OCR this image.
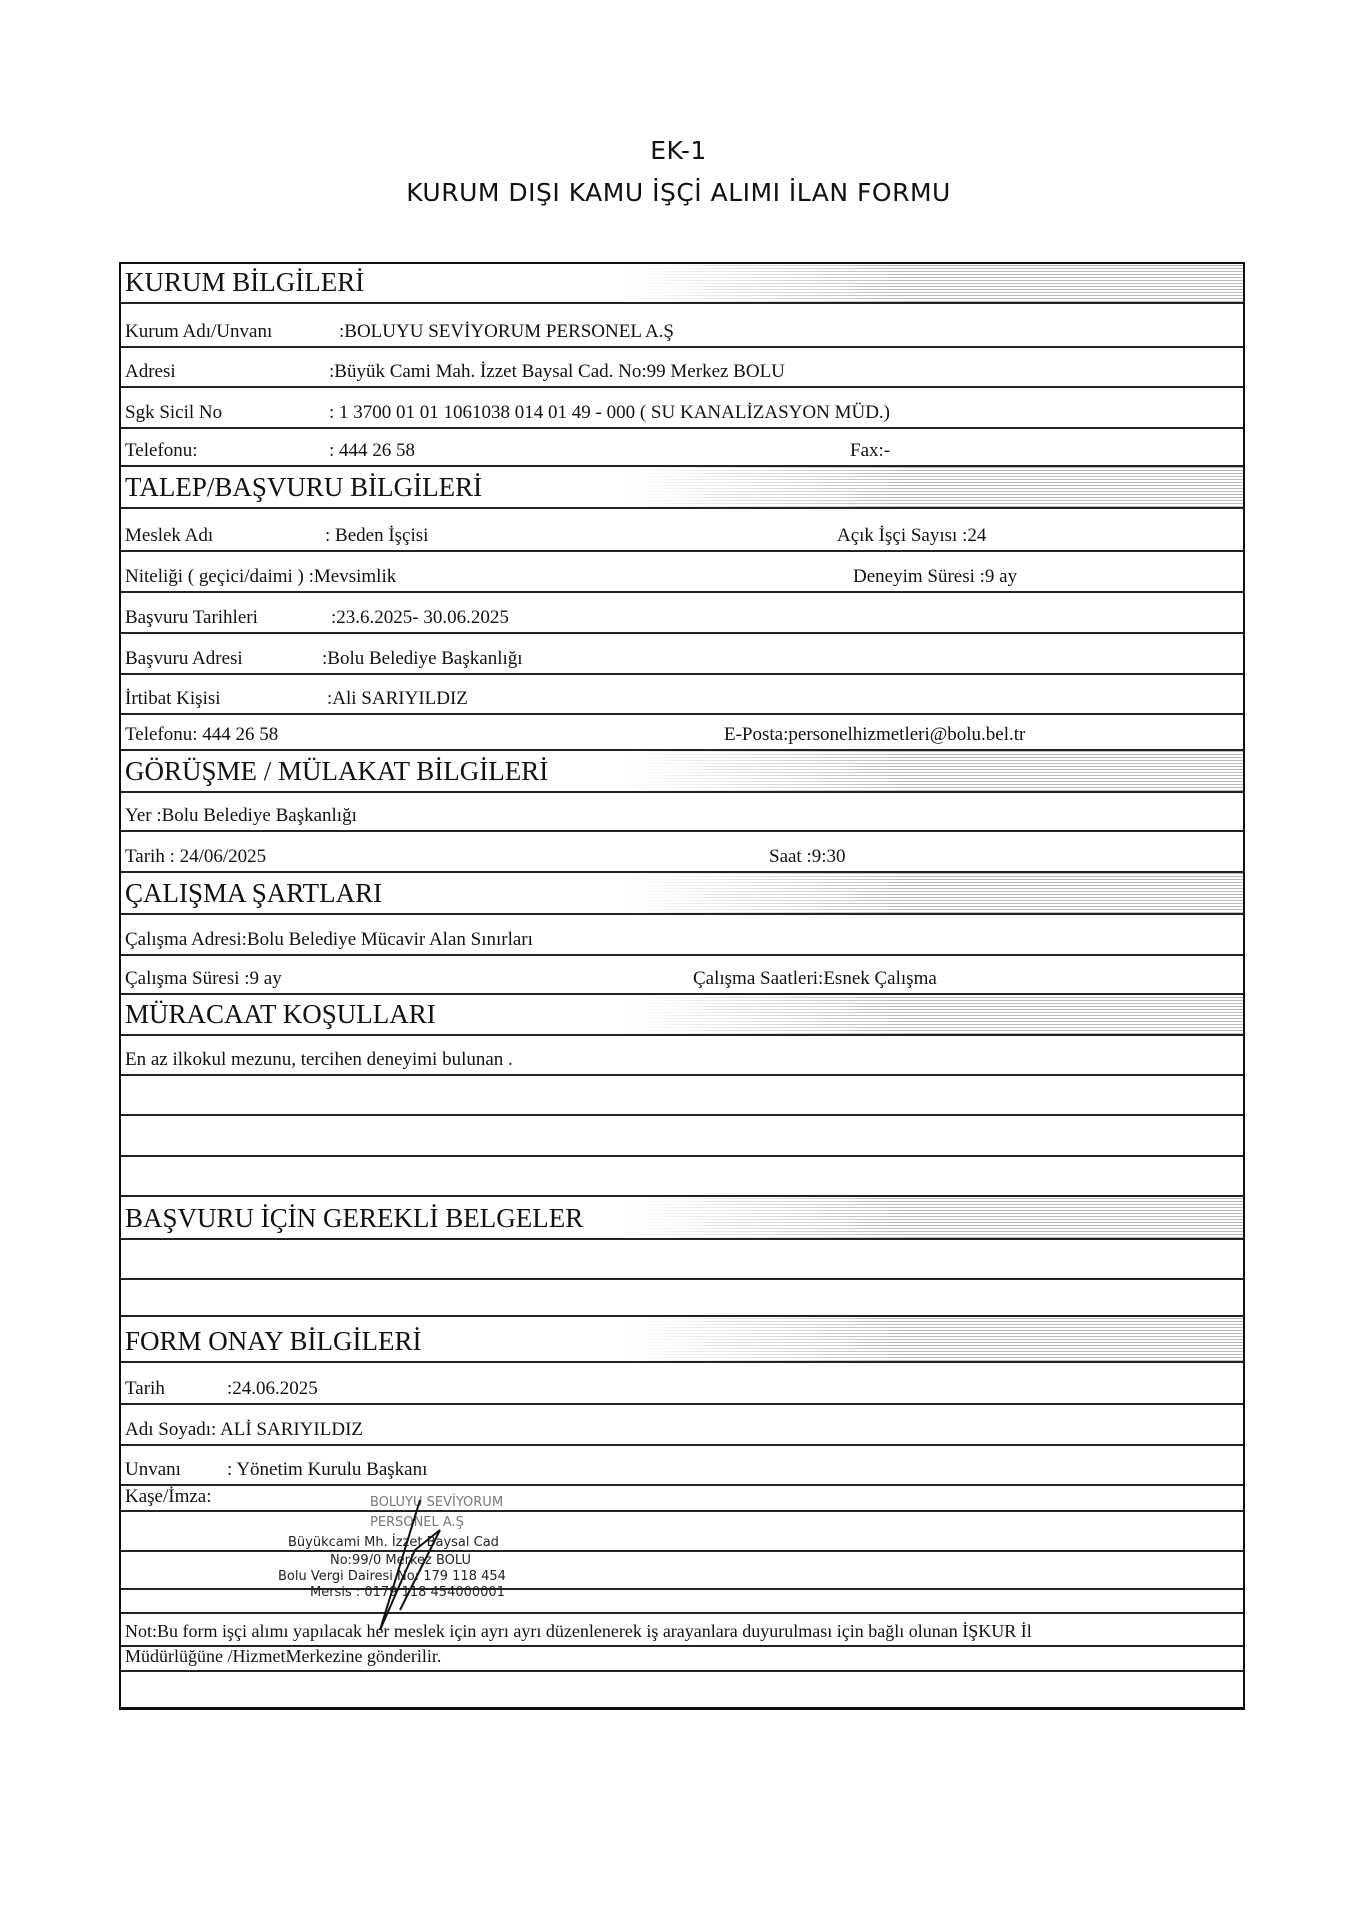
EK-1
KURUM DIŞI KAMU İŞÇİ ALIMI İLAN FORMU
KURUM BİLGİLERİ
Kurum Adı/Unvanı	:BOLUYU SEVİYORUM PERSONEL A.Ş
Adresi	:Büyük Cami Mah. İzzet Baysal Cad. No:99 Merkez BOLU
Sgk Sicil No	: 1 3700 01 01 1061038 014 01 49 - 000 ( SU KANALİZASYON MÜD.)
Telefonu:	: 444 26 58	Fax:-
TALEP/BAŞVURU BİLGİLERİ
Meslek Adı	: Beden İşçisi	Açık İşçi Sayısı :24
Niteliği ( geçici/daimi ) :Mevsimlik	Deneyim Süresi :9 ay
Başvuru Tarihleri	:23.6.2025- 30.06.2025
Başvuru Adresi	:Bolu Belediye Başkanlığı
İrtibat Kişisi	:Ali SARIYILDIZ
Telefonu: 444 26 58	E-Posta:personelhizmetleri@bolu.bel.tr
GÖRÜŞME / MÜLAKAT BİLGİLERİ
Yer :Bolu Belediye Başkanlığı
Tarih : 24/06/2025	Saat :9:30
ÇALIŞMA ŞARTLARI
Çalışma Adresi:Bolu Belediye Mücavir Alan Sınırları
Çalışma Süresi :9 ay	Çalışma Saatleri:Esnek Çalışma
MÜRACAAT KOŞULLARI
En az ilkokul mezunu, tercihen deneyimi bulunan .
BAŞVURU İÇİN GEREKLİ BELGELER
FORM ONAY BİLGİLERİ
Tarih	:24.06.2025
Adı Soyadı: ALİ SARIYILDIZ
Unvanı : Yönetim Kurulu Başkanı
Kaşe/İmza:
Not:Bu form işçi alımı yapılacak her meslek için ayrı ayrı düzenlenerek iş arayanlara duyurulması için bağlı olunan İŞKUR İl
Müdürlüğüne /HizmetMerkezine gönderilir.
BOLUYU SEVİYORUM
PERSONEL A.Ş
Büyükcami Mh. İzzet Baysal Cad
No:99/0 Merkez BOLU
Bolu Vergi Dairesi No: 179 118 454
Mersis : 0179 118 454000001
